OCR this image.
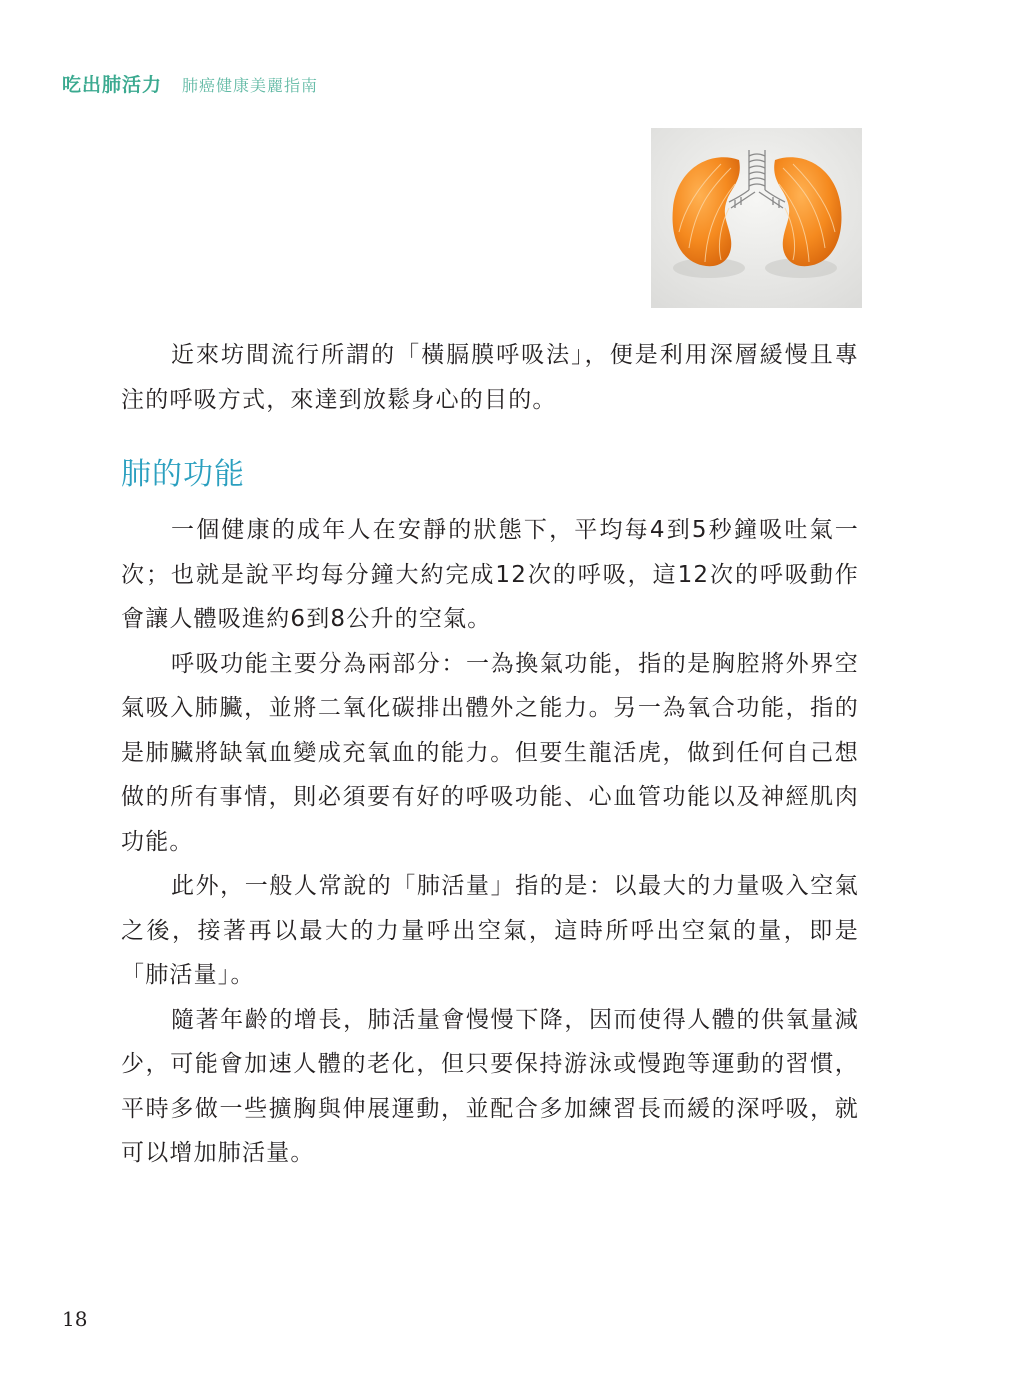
吃出肺活力 肺癌健康美麗指南

近來坊間流行所謂的「橫膈膜呼吸法」，便是利用深層緩慢且專注的呼吸方式，來達到放鬆身心的目的。

肺的功能

一個健康的成年人在安靜的狀態下，平均每4到5秒鐘吸吐氣一次；也就是說平均每分鐘大約完成12次的呼吸，這12次的呼吸動作會讓人體吸進約6到8公升的空氣。

呼吸功能主要分為兩部分：一為換氣功能，指的是胸腔將外界空氣吸入肺臟，並將二氧化碳排出體外之能力。另一為氧合功能，指的是肺臟將缺氧血變成充氧血的能力。但要生龍活虎，做到任何自己想做的所有事情，則必須要有好的呼吸功能、心血管功能以及神經肌肉功能。

此外，一般人常說的「肺活量」指的是：以最大的力量吸入空氣之後，接著再以最大的力量呼出空氣，這時所呼出空氣的量，即是「肺活量」。

隨著年齡的增長，肺活量會慢慢下降，因而使得人體的供氧量減少，可能會加速人體的老化，但只要保持游泳或慢跑等運動的習慣，平時多做一些擴胸與伸展運動，並配合多加練習長而緩的深呼吸，就可以增加肺活量。

18
